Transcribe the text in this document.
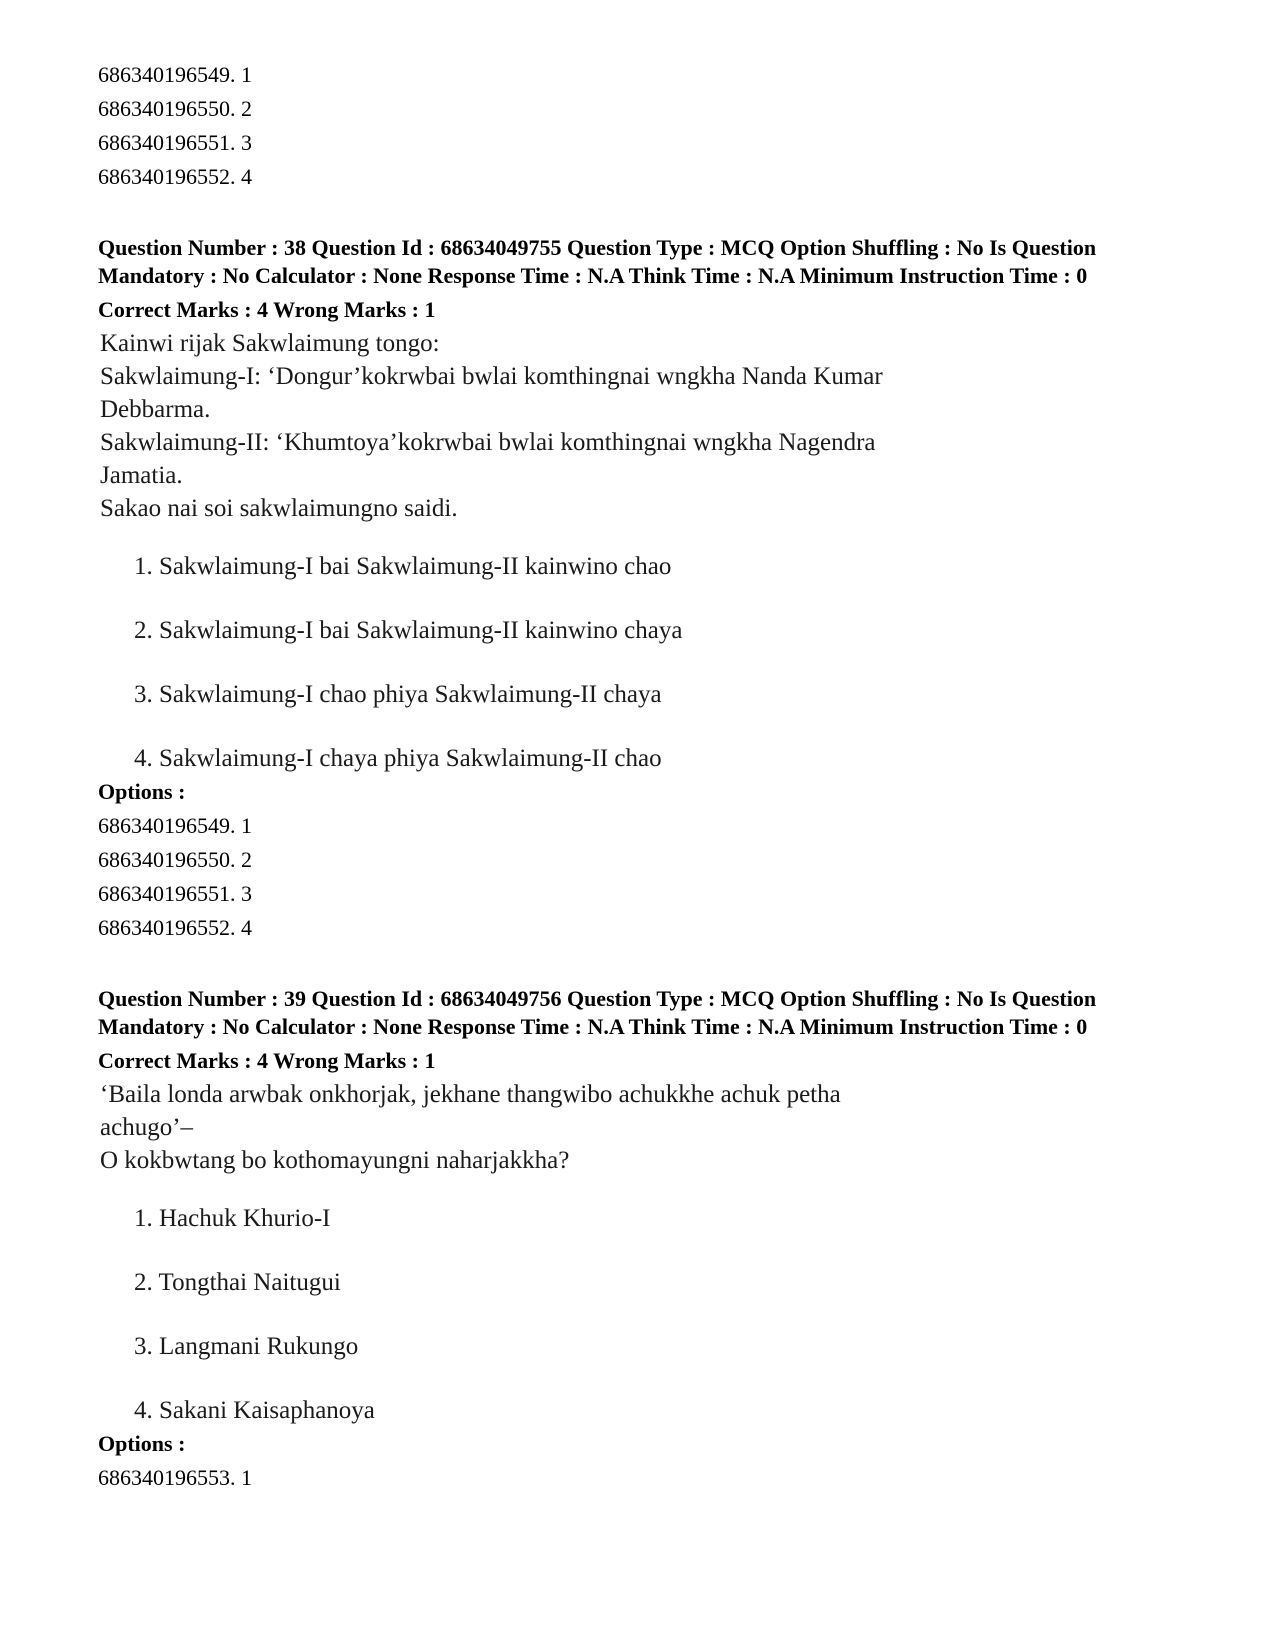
686340196549. 1
686340196550. 2
686340196551. 3
686340196552. 4
Question Number : 38 Question Id : 68634049755 Question Type : MCQ Option Shuffling : No Is Question Mandatory : No Calculator : None Response Time : N.A Think Time : N.A Minimum Instruction Time : 0
Correct Marks : 4 Wrong Marks : 1
Kainwi rijak Sakwlaimung tongo:
Sakwlaimung-I: ‘Dongur’kokrwbai bwlai komthingnai wngkha Nanda Kumar
Debbarma.
Sakwlaimung-II: ‘Khumtoya’kokrwbai bwlai komthingnai wngkha Nagendra
Jamatia.
Sakao nai soi sakwlaimungno saidi.
1. Sakwlaimung-I bai Sakwlaimung-II kainwino chao
2. Sakwlaimung-I bai Sakwlaimung-II kainwino chaya
3. Sakwlaimung-I chao phiya Sakwlaimung-II chaya
4. Sakwlaimung-I chaya phiya Sakwlaimung-II chao
Options :
686340196549. 1
686340196550. 2
686340196551. 3
686340196552. 4
Question Number : 39 Question Id : 68634049756 Question Type : MCQ Option Shuffling : No Is Question Mandatory : No Calculator : None Response Time : N.A Think Time : N.A Minimum Instruction Time : 0
Correct Marks : 4 Wrong Marks : 1
‘Baila londa arwbak onkhorjak, jekhane thangwibo achukkhe achuk petha
achugo’–
O kokbwtang bo kothomayungni naharjakkha?
1. Hachuk Khurio-I
2. Tongthai Naitugui
3. Langmani Rukungo
4. Sakani Kaisaphanoya
Options :
686340196553. 1
